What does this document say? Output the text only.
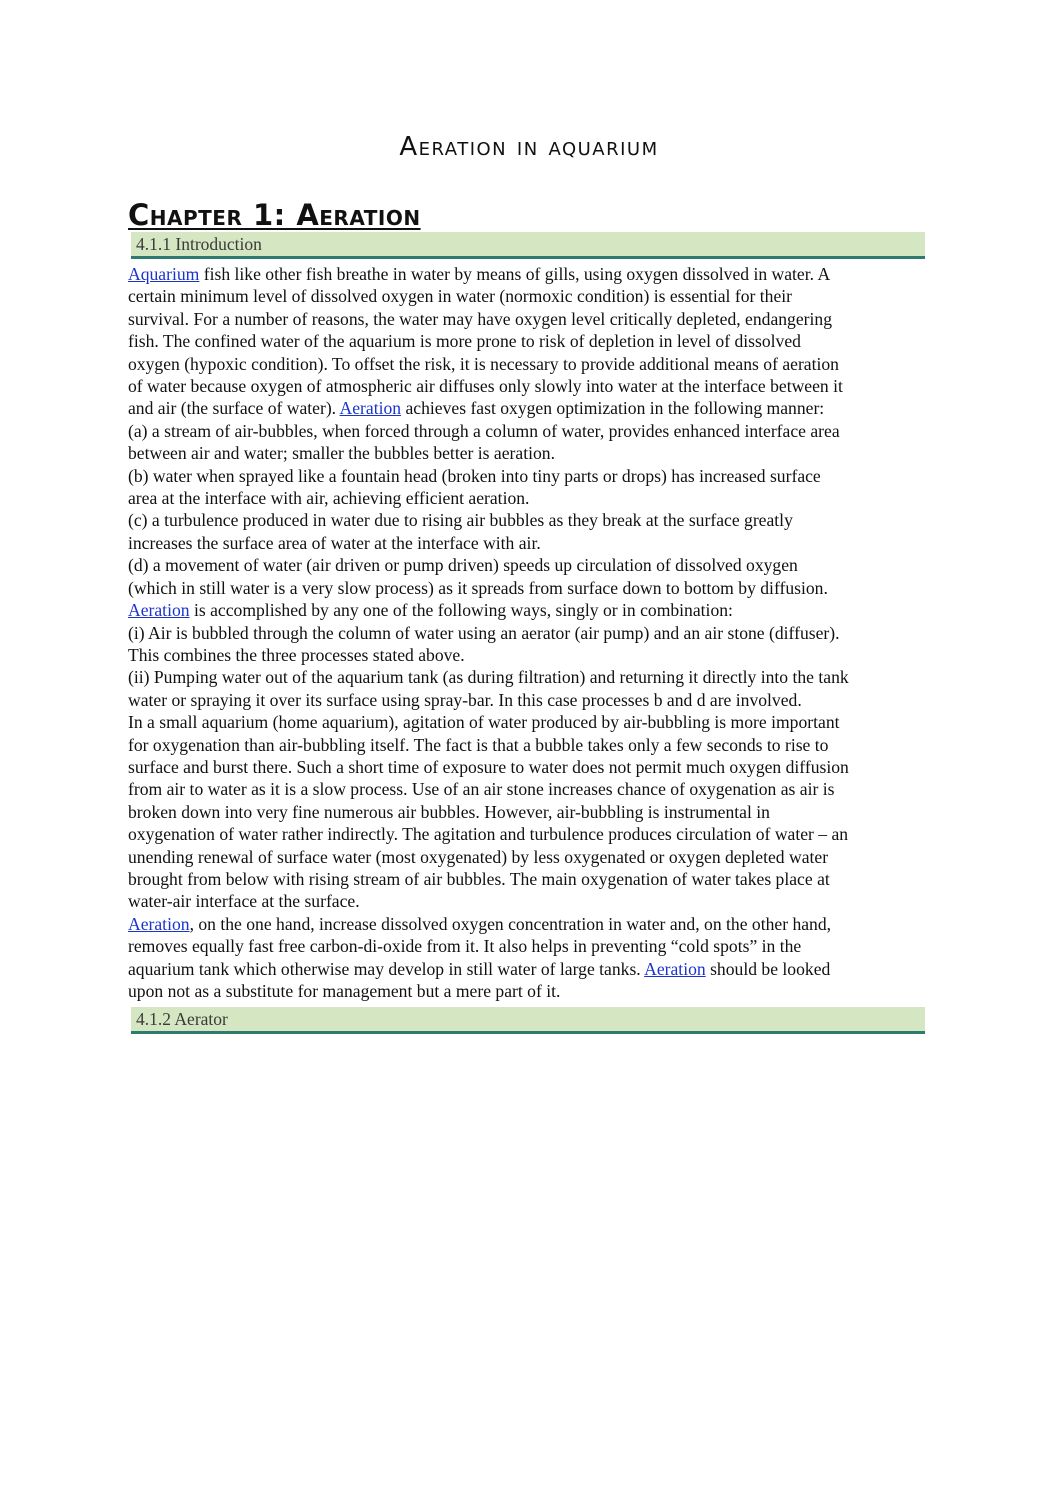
Aeration in aquarium
Chapter 1: Aeration
4.1.1 Introduction

Aquarium fish like other fish breathe in water by means of gills, using oxygen dissolved in water. A
certain minimum level of dissolved oxygen in water (normoxic condition) is essential for their
survival. For a number of reasons, the water may have oxygen level critically depleted, endangering
fish. The confined water of the aquarium is more prone to risk of depletion in level of dissolved
oxygen (hypoxic condition). To offset the risk, it is necessary to provide additional means of aeration
of water because oxygen of atmospheric air diffuses only slowly into water at the interface between it
and air (the surface of water). Aeration achieves fast oxygen optimization in the following manner:
(a) a stream of air-bubbles, when forced through a column of water, provides enhanced interface area
between air and water; smaller the bubbles better is aeration.
(b) water when sprayed like a fountain head (broken into tiny parts or drops) has increased surface
area at the interface with air, achieving efficient aeration.
(c) a turbulence produced in water due to rising air bubbles as they break at the surface greatly
increases the surface area of water at the interface with air.
(d) a movement of water (air driven or pump driven) speeds up circulation of dissolved oxygen
(which in still water is a very slow process) as it spreads from surface down to bottom by diffusion.
Aeration is accomplished by any one of the following ways, singly or in combination:
(i) Air is bubbled through the column of water using an aerator (air pump) and an air stone (diffuser).
This combines the three processes stated above.
(ii) Pumping water out of the aquarium tank (as during filtration) and returning it directly into the tank
water or spraying it over its surface using spray-bar. In this case processes b and d are involved.
In a small aquarium (home aquarium), agitation of water produced by air-bubbling is more important
for oxygenation than air-bubbling itself. The fact is that a bubble takes only a few seconds to rise to
surface and burst there. Such a short time of exposure to water does not permit much oxygen diffusion
from air to water as it is a slow process. Use of an air stone increases chance of oxygenation as air is
broken down into very fine numerous air bubbles. However, air-bubbling is instrumental in
oxygenation of water rather indirectly. The agitation and turbulence produces circulation of water – an
unending renewal of surface water (most oxygenated) by less oxygenated or oxygen depleted water
brought from below with rising stream of air bubbles. The main oxygenation of water takes place at
water-air interface at the surface.
Aeration, on the one hand, increase dissolved oxygen concentration in water and, on the other hand,
removes equally fast free carbon-di-oxide from it. It also helps in preventing “cold spots” in the
aquarium tank which otherwise may develop in still water of large tanks. Aeration should be looked
upon not as a substitute for management but a mere part of it.

4.1.2 Aerator
